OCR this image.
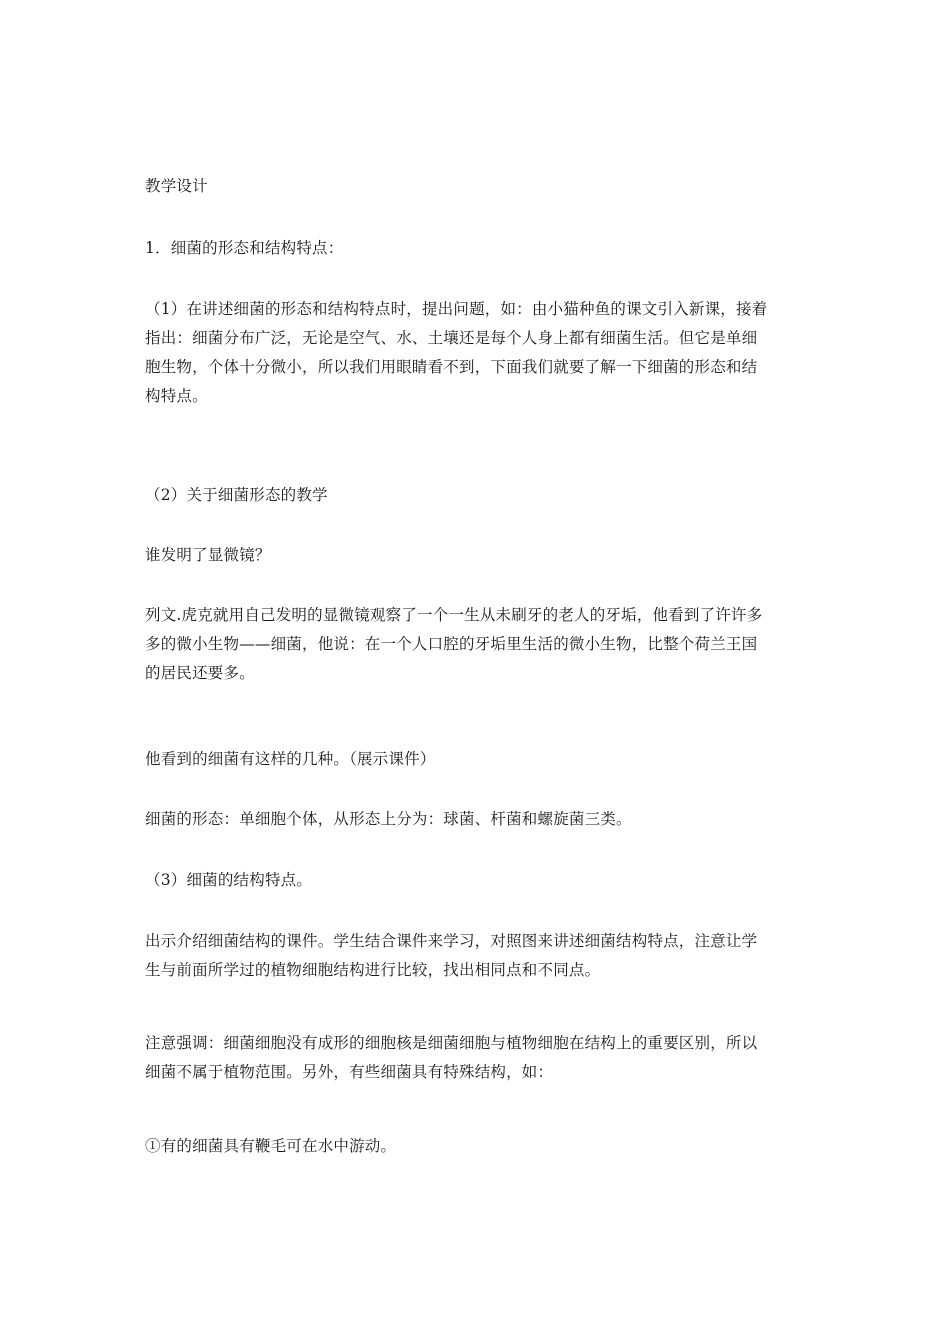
教学设计
1．细菌的形态和结构特点：
（1）在讲述细菌的形态和结构特点时，提出问题，如：由小猫种鱼的课文引入新课，接着
指出：细菌分布广泛，无论是空气、水、土壤还是每个人身上都有细菌生活。但它是单细
胞生物，个体十分微小，所以我们用眼睛看不到，下面我们就要了解一下细菌的形态和结
构特点。
（2）关于细菌形态的教学
谁发明了显微镜？
列文.虎克就用自己发明的显微镜观察了一个一生从未刷牙的老人的牙垢，他看到了许许多
多的微小生物——细菌，他说：在一个人口腔的牙垢里生活的微小生物，比整个荷兰王国
的居民还要多。
他看到的细菌有这样的几种。（展示课件）
细菌的形态：单细胞个体，从形态上分为：球菌、杆菌和螺旋菌三类。
（3）细菌的结构特点。
出示介绍细菌结构的课件。学生结合课件来学习，对照图来讲述细菌结构特点，注意让学
生与前面所学过的植物细胞结构进行比较，找出相同点和不同点。
注意强调：细菌细胞没有成形的细胞核是细菌细胞与植物细胞在结构上的重要区别，所以
细菌不属于植物范围。另外，有些细菌具有特殊结构，如：
①有的细菌具有鞭毛可在水中游动。
